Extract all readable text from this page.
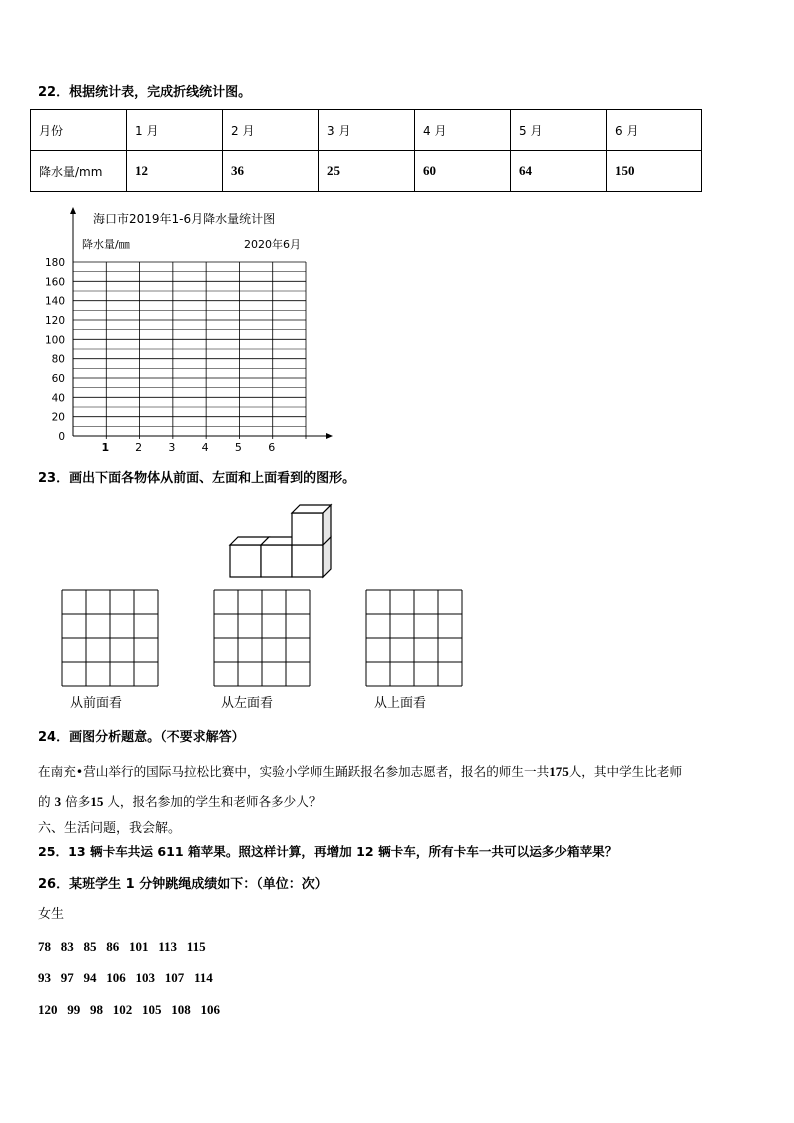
22．根据统计表，完成折线统计图。
月份	1 月	2 月	3 月	4 月	5 月	6 月
降水量/mm	12	36	25	60	64	150
海口市2019年1-6月降水量统计图
降水量/㎜	2020年6月
0
20
40
60
80
100
120
140
160
180
1 2 3 4 5 6
23．画出下面各物体从前面、左面和上面看到的图形。
从前面看	从左面看	从上面看
24．画图分析题意。（不要求解答）
在南充•营山举行的国际马拉松比赛中，实验小学师生踊跃报名参加志愿者，报名的师生一共175人，其中学生比老师
的 3 倍多15 人，报名参加的学生和老师各多少人？
六、生活问题，我会解。
25．13 辆卡车共运 611 箱苹果。照这样计算，再增加 12 辆卡车，所有卡车一共可以运多少箱苹果？
26．某班学生 1 分钟跳绳成绩如下：（单位：次）
女生
78   83   85   86   101   113   115
93   97   94   106   103   107   114
120   99   98   102   105   108   106
